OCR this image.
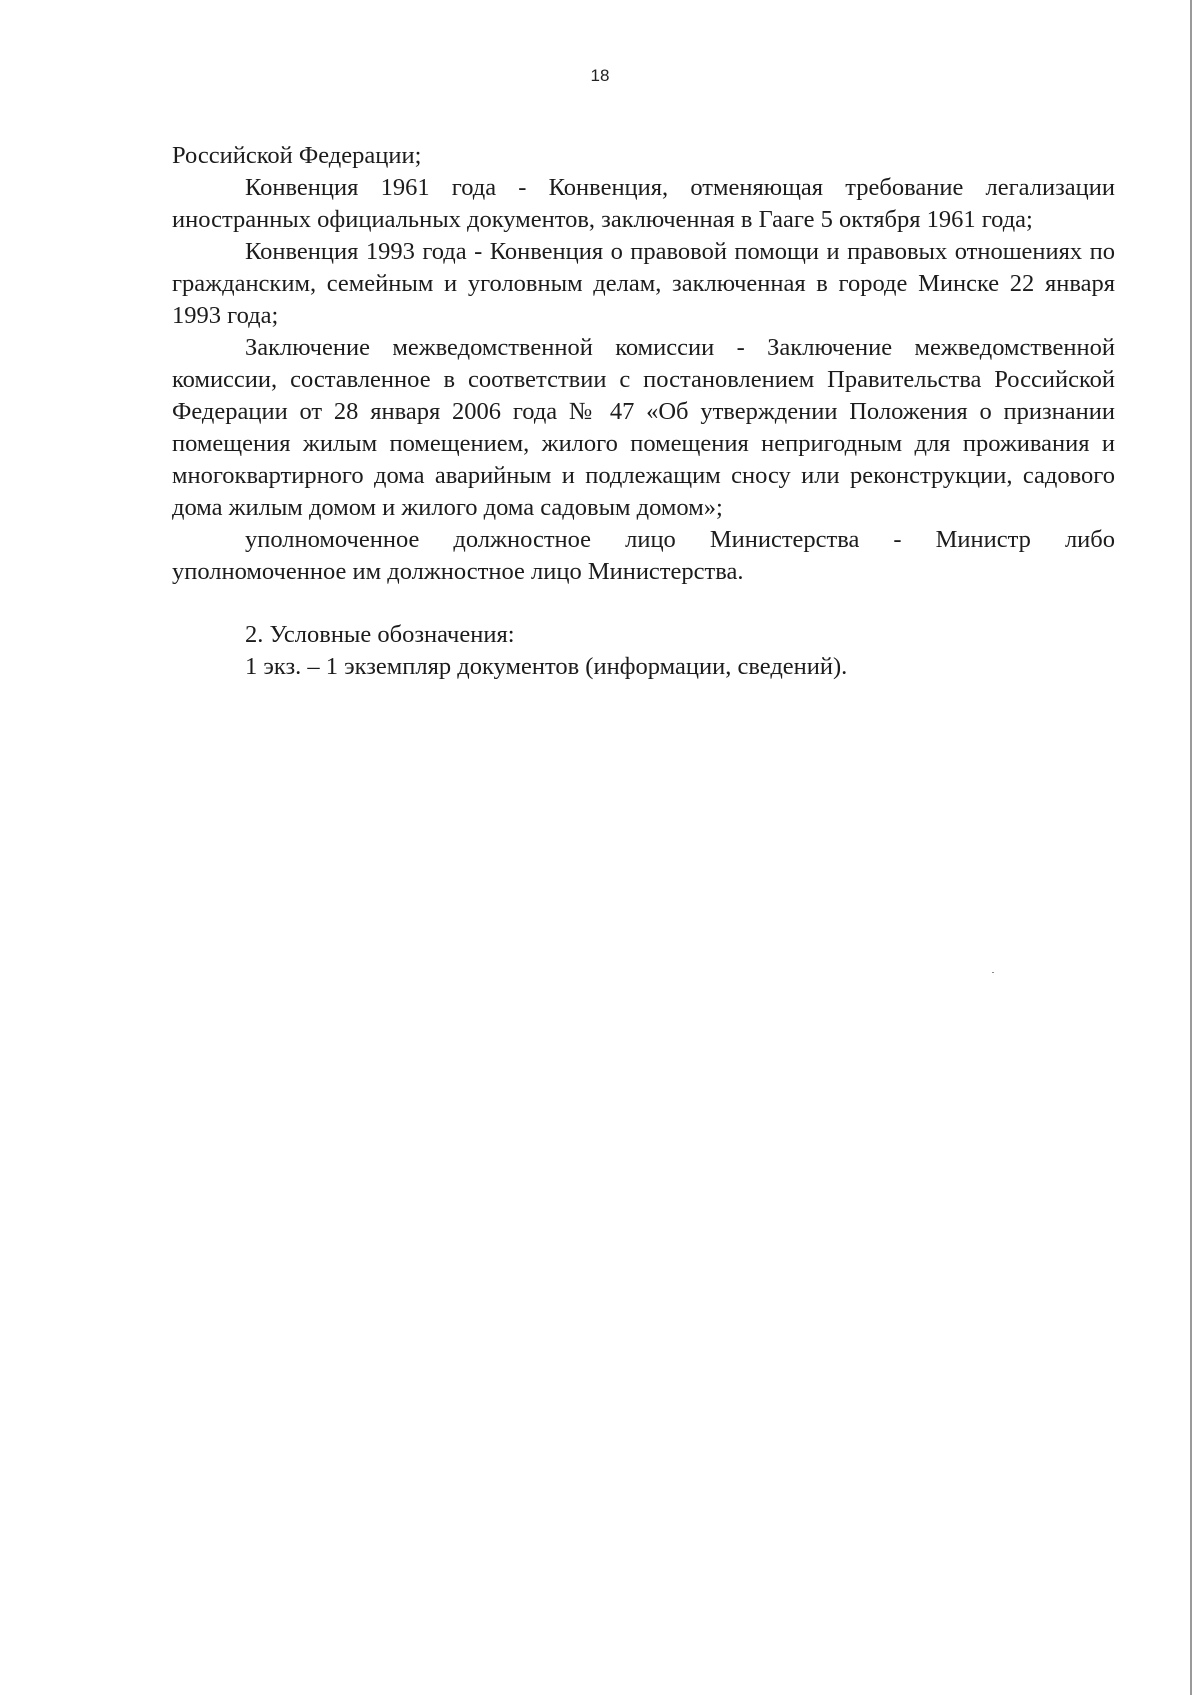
18

Российской Федерации;

Конвенция 1961 года - Конвенция, отменяющая требование легализации иностранных официальных документов, заключенная в Гааге 5 октября 1961 года;

Конвенция 1993 года - Конвенция о правовой помощи и правовых отношениях по гражданским, семейным и уголовным делам, заключенная в городе Минске 22 января 1993 года;

Заключение межведомственной комиссии - Заключение межведомственной комиссии, составленное в соответствии с постановлением Правительства Российской Федерации от 28 января 2006 года № 47 «Об утверждении Положения о признании помещения жилым помещением, жилого помещения непригодным для проживания и многоквартирного дома аварийным и подлежащим сносу или реконструкции, садового дома жилым домом и жилого дома садовым домом»;

уполномоченное должностное лицо Министерства - Министр либо уполномоченное им должностное лицо Министерства.

2. Условные обозначения:

1 экз. – 1 экземпляр документов (информации, сведений).
